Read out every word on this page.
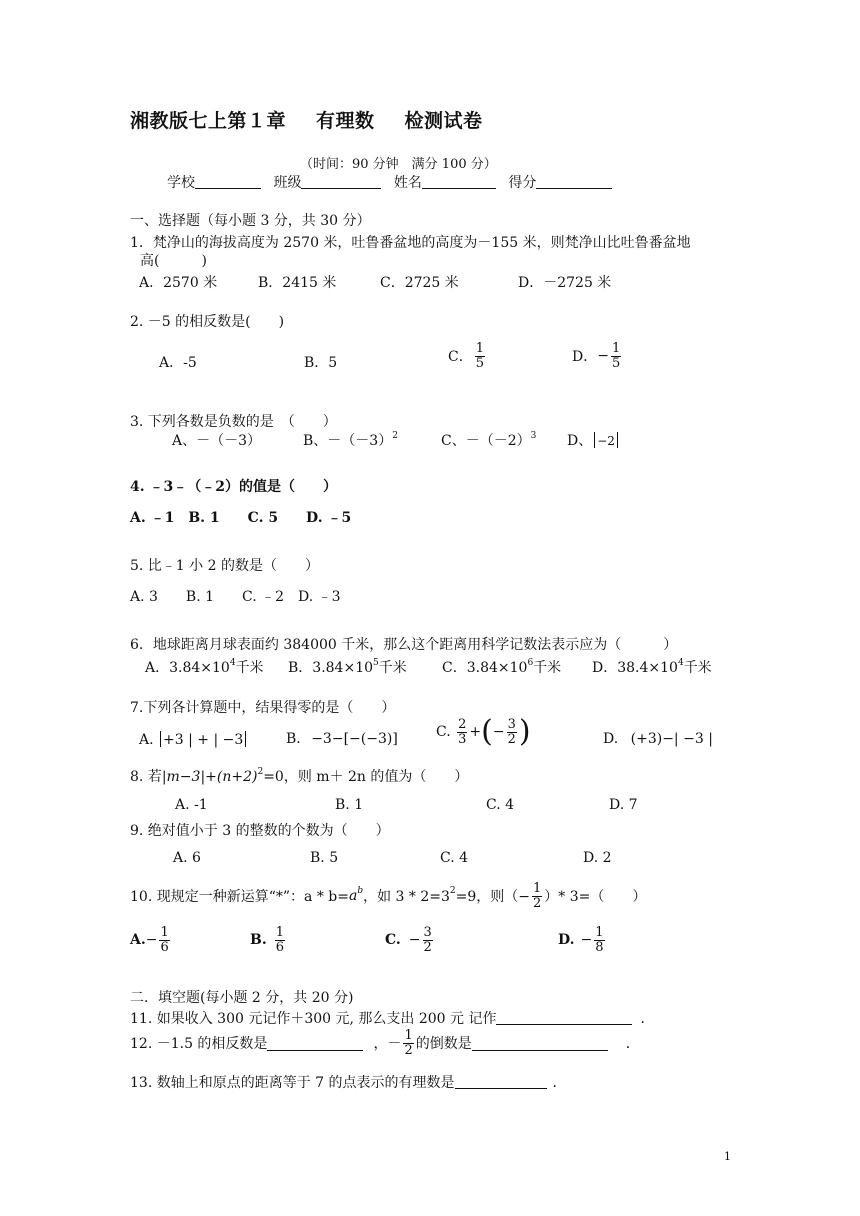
湘教版七上第１章 有理数 检测试卷
（时间：90 分钟　满分 100 分）
学校	班级	姓名	得分
一、选择题（每小题 3 分，共 30 分）
1．梵净山的海拔高度为 2570 米，吐鲁番盆地的高度为－155 米，则梵净山比吐鲁番盆地
高(　　　)
A．2570 米	B．2415 米	C．2725 米	D．－2725 米
2. －5 的相反数是(　　)
A．-5	B．5	C． $\frac{1}{5}$	D．− $\frac{1}{5}$
3. 下列各数是负数的是　（　　）
A、－（－3）	B、$-(-3)^2$	C、$-(-2)^3$ D、 −2
4. ﹣3﹣（﹣2）的值是（　　）
A. ﹣1　B. 1　　C. 5　　D. ﹣5
5. 比﹣1 小 2 的数是（　　）
A. 3　　B. 1　　C. ﹣2　D. ﹣3
6．地球距离月球表面约 384000 千米，那么这个距离用科学记数法表示应为（　　　）
A．$3.84\times 10^4$千米 B．$3.84\times 10^5$千米	C．$3.84\times 10^6$千米 D．$38.4\times 10^4$千米
7.下列各计算题中，结果得零的是（　　）
A. +3 | + | −3	B. −3−[−(−3)]	C. $\frac{2}{3}$ +(− $\frac{3}{2}$ )	D. (+3)−| −3 |
8. 若$|m-3|+(n+2)^2=0$，则 m＋ 2n 的值为（　　）
A. -1	B. 1	C. 4	D. 7
9. 绝对值小于 3 的整数的个数为（　　）
A. 6	B. 5	C. 4	D. 2
10. 现规定一种新运算“*”：$a * b=a^b$，如 $3 * 2=3^2=9$，则（− $\frac{1}{2}$ ）* 3=（　　）
$A.- \frac{1}{6}$	B. $\frac{1}{6}$	C. − $\frac{3}{2}$	D. − $\frac{1}{8}$
二．填空题(每小题 2 分，共 20 分)
11. 如果收入 300 元记作＋300 元, 那么支出 200 元 记作	．
12. －1.5 的相反数是	，－ $\frac{1}{2}$ 的倒数是	．
13. 数轴上和原点的距离等于 7 的点表示的有理数是	．
1
